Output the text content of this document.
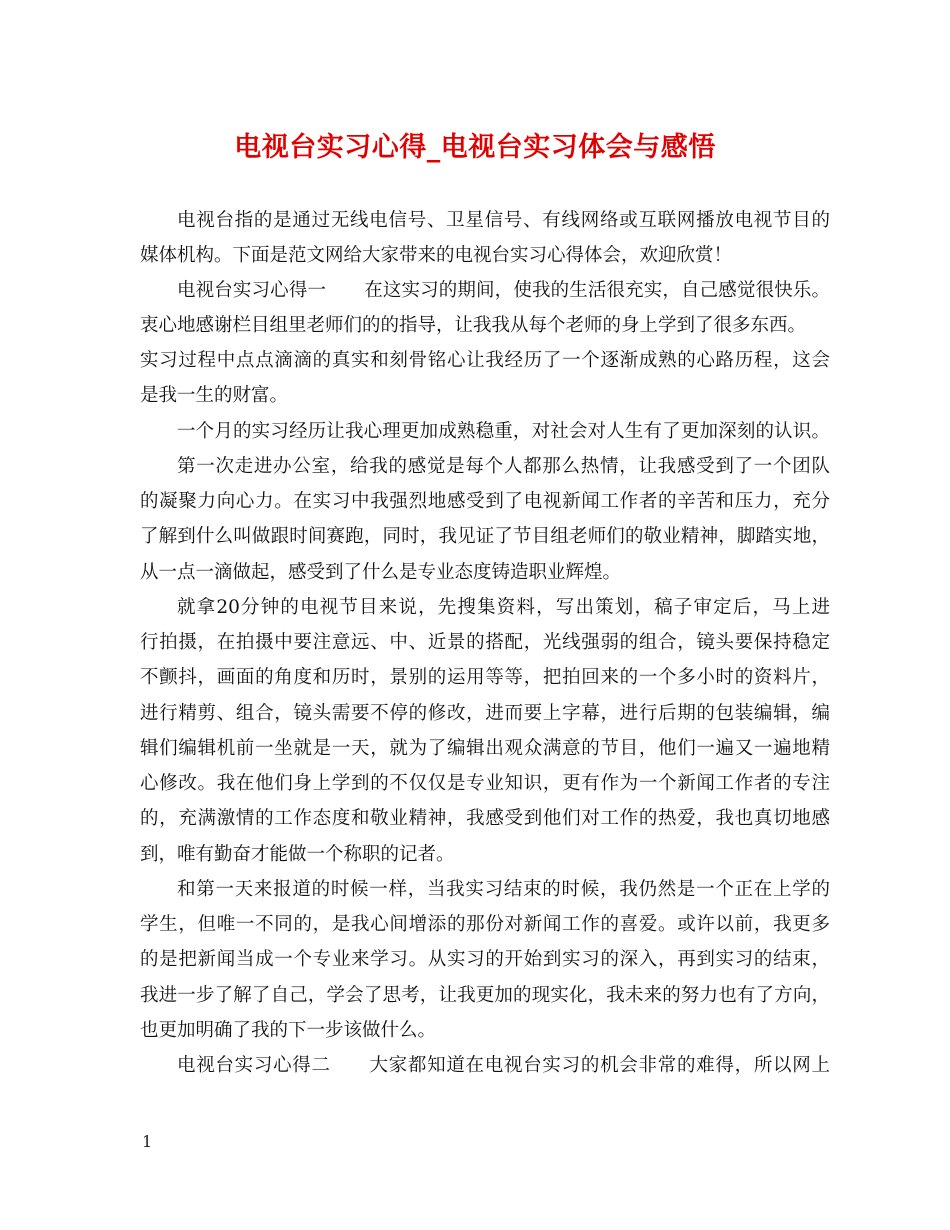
电视台实习心得_电视台实习体会与感悟
电视台指的是通过无线电信号、卫星信号、有线网络或互联网播放电视节目的
媒体机构。下面是范文网给大家带来的电视台实习心得体会，欢迎欣赏！
电视台实习心得一 在这实习的期间，使我的生活很充实，自己感觉很快乐。
衷心地感谢栏目组里老师们的的指导，让我我从每个老师的身上学到了很多东西。
实习过程中点点滴滴的真实和刻骨铭心让我经历了一个逐渐成熟的心路历程，这会
是我一生的财富。
一个月的实习经历让我心理更加成熟稳重，对社会对人生有了更加深刻的认识。
第一次走进办公室，给我的感觉是每个人都那么热情，让我感受到了一个团队
的凝聚力向心力。在实习中我强烈地感受到了电视新闻工作者的辛苦和压力，充分
了解到什么叫做跟时间赛跑，同时，我见证了节目组老师们的敬业精神，脚踏实地，
从一点一滴做起，感受到了什么是专业态度铸造职业辉煌。
就拿20分钟的电视节目来说，先搜集资料，写出策划，稿子审定后，马上进
行拍摄，在拍摄中要注意远、中、近景的搭配，光线强弱的组合，镜头要保持稳定
不颤抖，画面的角度和历时，景别的运用等等，把拍回来的一个多小时的资料片，
进行精剪、组合，镜头需要不停的修改，进而要上字幕，进行后期的包装编辑，编
辑们编辑机前一坐就是一天，就为了编辑出观众满意的节目，他们一遍又一遍地精
心修改。我在他们身上学到的不仅仅是专业知识，更有作为一个新闻工作者的专注
的，充满激情的工作态度和敬业精神，我感受到他们对工作的热爱，我也真切地感
到，唯有勤奋才能做一个称职的记者。
和第一天来报道的时候一样，当我实习结束的时候，我仍然是一个正在上学的
学生，但唯一不同的，是我心间增添的那份对新闻工作的喜爱。或许以前，我更多
的是把新闻当成一个专业来学习。从实习的开始到实习的深入，再到实习的结束，
我进一步了解了自己，学会了思考，让我更加的现实化，我未来的努力也有了方向，
也更加明确了我的下一步该做什么。
电视台实习心得二 大家都知道在电视台实习的机会非常的难得，所以网上
1
